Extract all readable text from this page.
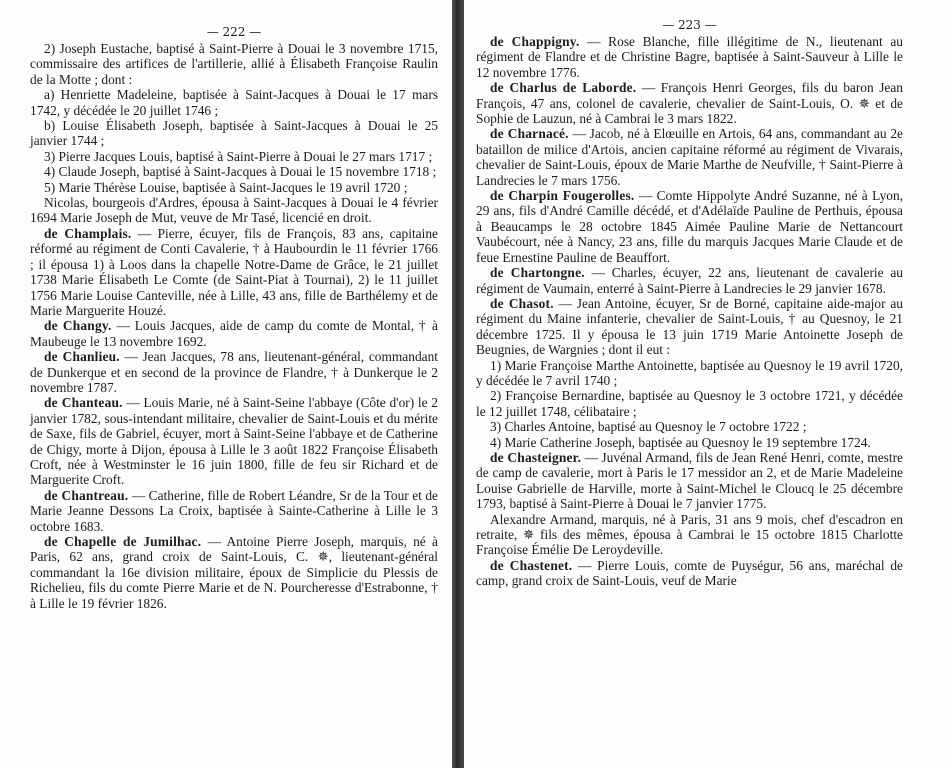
— 222 —

2) Joseph Eustache, baptisé à Saint-Pierre à Douai le 3 novembre 1715, commissaire des artifices de l'artillerie, allié à Élisabeth Françoise Raulin de la Motte ; dont :

a) Henriette Madeleine, baptisée à Saint-Jacques à Douai le 17 mars 1742, y décédée le 20 juillet 1746 ;

b) Louise Élisabeth Joseph, baptisée à Saint-Jacques à Douai le 25 janvier 1744 ;

3) Pierre Jacques Louis, baptisé à Saint-Pierre à Douai le 27 mars 1717 ;

4) Claude Joseph, baptisé à Saint-Jacques à Douai le 15 novembre 1718 ;

5) Marie Thérèse Louise, baptisée à Saint-Jacques le 19 avril 1720 ;

Nicolas, bourgeois d'Ardres, épousa à Saint-Jacques à Douai le 4 février 1694 Marie Joseph de Mut, veuve de Mr Tasé, licencié en droit.

de Champlais. — Pierre, écuyer, fils de François, 83 ans, capitaine réformé au régiment de Conti Cavalerie, † à Haubourdin le 11 février 1766 ; il épousa 1) à Loos dans la chapelle Notre-Dame de Grâce, le 21 juillet 1738 Marie Élisabeth Le Comte (de Saint-Piat à Tournai), 2) le 11 juillet 1756 Marie Louise Canteville, née à Lille, 43 ans, fille de Barthélemy et de Marie Marguerite Houzé.

de Changy. — Louis Jacques, aide de camp du comte de Montal, † à Maubeuge le 13 novembre 1692.

de Chanlieu. — Jean Jacques, 78 ans, lieutenant-général, commandant de Dunkerque et en second de la province de Flandre, † à Dunkerque le 2 novembre 1787.

de Chanteau. — Louis Marie, né à Saint-Seine l'abbaye (Côte d'or) le 2 janvier 1782, sous-intendant militaire, chevalier de Saint-Louis et du mérite de Saxe, fils de Gabriel, écuyer, mort à Saint-Seine l'abbaye et de Catherine de Chigy, morte à Dijon, épousa à Lille le 3 août 1822 Françoise Élisabeth Croft, née à Westminster le 16 juin 1800, fille de feu sir Richard et de Marguerite Croft.

de Chantreau. — Catherine, fille de Robert Léandre, Sr de la Tour et de Marie Jeanne Dessons La Croix, baptisée à Sainte-Catherine à Lille le 3 octobre 1683.

de Chapelle de Jumilhac. — Antoine Pierre Joseph, marquis, né à Paris, 62 ans, grand croix de Saint-Louis, C. ✵, lieutenant-général commandant la 16e division militaire, époux de Simplicie du Plessis de Richelieu, fils du comte Pierre Marie et de N. Pourcheresse d'Estrabonne, † à Lille le 19 février 1826.

— 223 —

de Chappigny. — Rose Blanche, fille illégitime de N., lieutenant au régiment de Flandre et de Christine Bagre, baptisée à Saint-Sauveur à Lille le 12 novembre 1776.

de Charlus de Laborde. — François Henri Georges, fils du baron Jean François, 47 ans, colonel de cavalerie, chevalier de Saint-Louis, O. ✵ et de Sophie de Lauzun, né à Cambrai le 3 mars 1822.

de Charnacé. — Jacob, né à Elœuille en Artois, 64 ans, commandant au 2e bataillon de milice d'Artois, ancien capitaine réformé au régiment de Vivarais, chevalier de Saint-Louis, époux de Marie Marthe de Neufville, † Saint-Pierre à Landrecies le 7 mars 1756.

de Charpin Fougerolles. — Comte Hippolyte André Suzanne, né à Lyon, 29 ans, fils d'André Camille décédé, et d'Adélaïde Pauline de Perthuis, épousa à Beaucamps le 28 octobre 1845 Aimée Pauline Marie de Nettancourt Vaubécourt, née à Nancy, 23 ans, fille du marquis Jacques Marie Claude et de feue Ernestine Pauline de Beauffort.

de Chartongne. — Charles, écuyer, 22 ans, lieutenant de cavalerie au régiment de Vaumain, enterré à Saint-Pierre à Landrecies le 29 janvier 1678.

de Chasot. — Jean Antoine, écuyer, Sr de Borné, capitaine aide-major au régiment du Maine infanterie, chevalier de Saint-Louis, † au Quesnoy, le 21 décembre 1725. Il y épousa le 13 juin 1719 Marie Antoinette Joseph de Beugnies, de Wargnies ; dont il eut :

1) Marie Françoise Marthe Antoinette, baptisée au Quesnoy le 19 avril 1720, y décédée le 7 avril 1740 ;

2) Françoise Bernardine, baptisée au Quesnoy le 3 octobre 1721, y décédée le 12 juillet 1748, célibataire ;

3) Charles Antoine, baptisé au Quesnoy le 7 octobre 1722 ;

4) Marie Catherine Joseph, baptisée au Quesnoy le 19 septembre 1724.

de Chasteigner. — Juvénal Armand, fils de Jean René Henri, comte, mestre de camp de cavalerie, mort à Paris le 17 messidor an 2, et de Marie Madeleine Louise Gabrielle de Harville, morte à Saint-Michel le Cloucq le 25 décembre 1793, baptisé à Saint-Pierre à Douai le 7 janvier 1775.

Alexandre Armand, marquis, né à Paris, 31 ans 9 mois, chef d'escadron en retraite, ✵ fils des mêmes, épousa à Cambrai le 15 octobre 1815 Charlotte Françoise Émélie De Leroydeville.

de Chastenet. — Pierre Louis, comte de Puységur, 56 ans, maréchal de camp, grand croix de Saint-Louis, veuf de Marie
